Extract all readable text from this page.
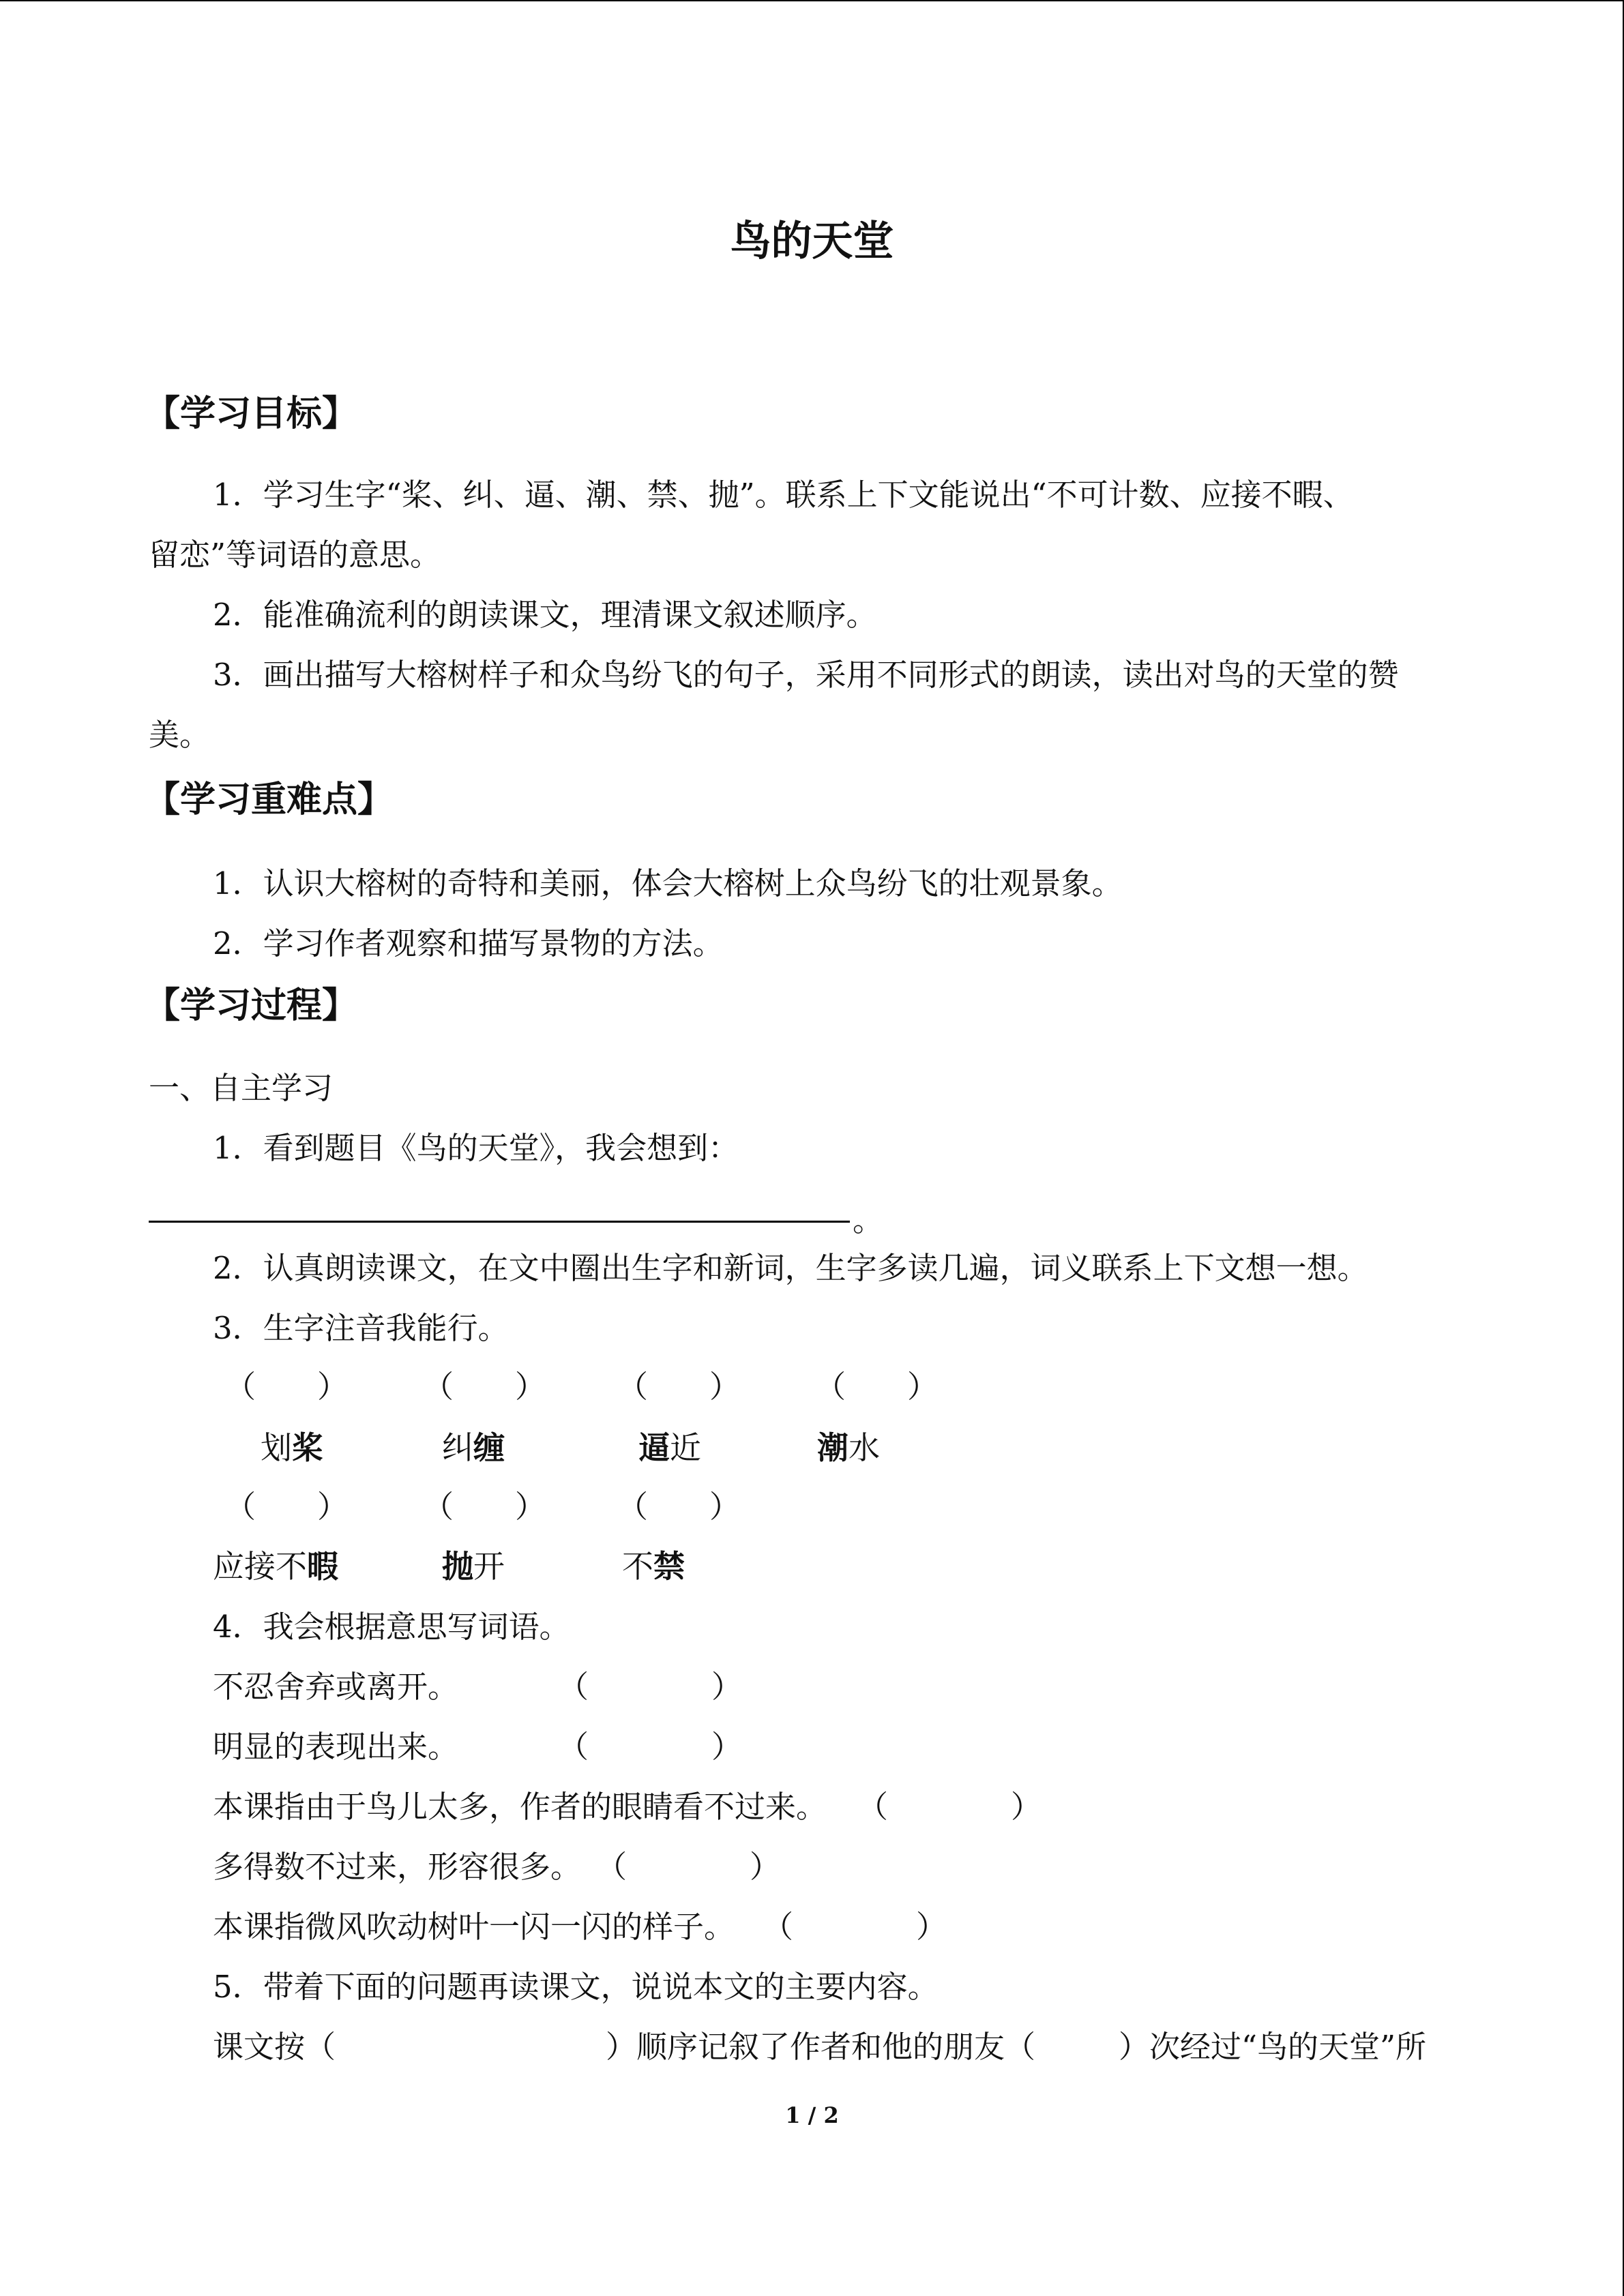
鸟的天堂
【学习目标】
1．学习生字“桨、纠、逼、潮、禁、抛”。联系上下文能说出“不可计数、应接不暇、
留恋”等词语的意思。
2．能准确流利的朗读课文，理清课文叙述顺序。
3．画出描写大榕树样子和众鸟纷飞的句子，采用不同形式的朗读，读出对鸟的天堂的赞
美。
【学习重难点】
1．认识大榕树的奇特和美丽，体会大榕树上众鸟纷飞的壮观景象。
2．学习作者观察和描写景物的方法。
【学习过程】
一、自主学习
1．看到题目《鸟的天堂》，我会想到：
。
2．认真朗读课文，在文中圈出生字和新词，生字多读几遍，词义联系上下文想一想。
3．生字注音我能行。
（　　） （　　） （　　） （　　）
划桨	纠缠	逼近	潮水
（　　） （　　） （　　）
应接不暇	抛开	不禁
4．我会根据意思写词语。
不忍舍弃或离开。	（　　　　）
明显的表现出来。	（　　　　）
本课指由于鸟儿太多，作者的眼睛看不过来。 （　　　　）
多得数不过来，形容很多。 （　　　　）
本课指微风吹动树叶一闪一闪的样子。 （　　　　）
5．带着下面的问题再读课文，说说本文的主要内容。
课文按（	）顺序记叙了作者和他的朋友（	）次经过“鸟的天堂”所
1 / 2
